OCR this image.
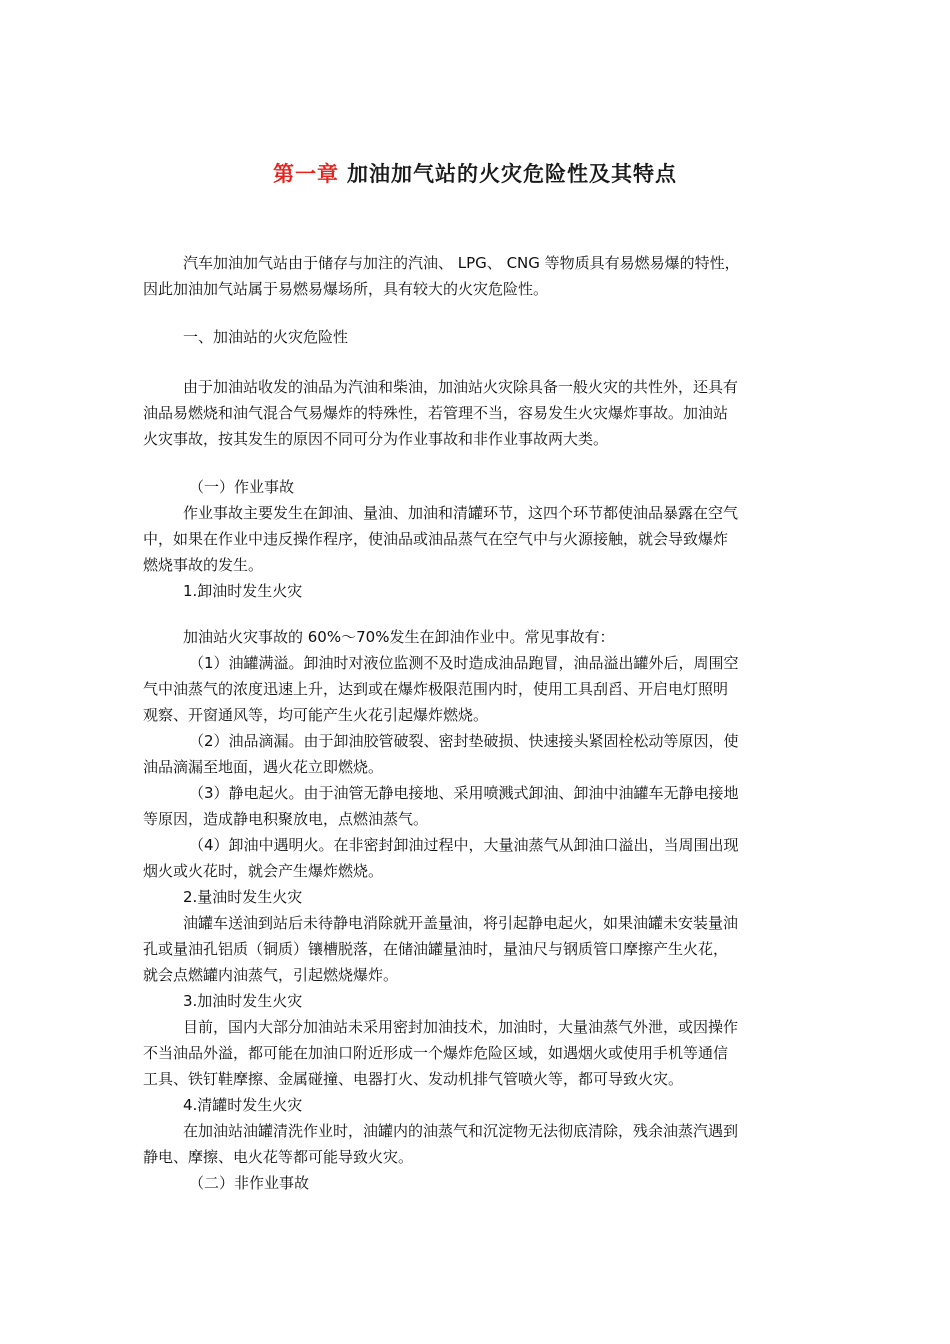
第一章 加油加气站的火灾危险性及其特点

汽车加油加气站由于储存与加注的汽油、 LPG、 CNG 等物质具有易燃易爆的特性，

因此加油加气站属于易燃易爆场所，具有较大的火灾危险性。

一、加油站的火灾危险性

由于加油站收发的油品为汽油和柴油，加油站火灾除具备一般火灾的共性外，还具有

油品易燃烧和油气混合气易爆炸的特殊性，若管理不当，容易发生火灾爆炸事故。加油站

火灾事故，按其发生的原因不同可分为作业事故和非作业事故两大类。

（一）作业事故

作业事故主要发生在卸油、量油、加油和清罐环节，这四个环节都使油品暴露在空气

中，如果在作业中违反操作程序，使油品或油品蒸气在空气中与火源接触，就会导致爆炸

燃烧事故的发生。

1.卸油时发生火灾

加油站火灾事故的 60%～70%发生在卸油作业中。常见事故有：

（1）油罐满溢。卸油时对液位监测不及时造成油品跑冒，油品溢出罐外后，周围空

气中油蒸气的浓度迅速上升，达到或在爆炸极限范围内时，使用工具刮舀、开启电灯照明

观察、开窗通风等，均可能产生火花引起爆炸燃烧。

（2）油品滴漏。由于卸油胶管破裂、密封垫破损、快速接头紧固栓松动等原因，使

油品滴漏至地面，遇火花立即燃烧。

（3）静电起火。由于油管无静电接地、采用喷溅式卸油、卸油中油罐车无静电接地

等原因，造成静电积聚放电，点燃油蒸气。

（4）卸油中遇明火。在非密封卸油过程中，大量油蒸气从卸油口溢出，当周围出现

烟火或火花时，就会产生爆炸燃烧。

2.量油时发生火灾

油罐车送油到站后未待静电消除就开盖量油，将引起静电起火，如果油罐未安装量油

孔或量油孔铝质（铜质）镶槽脱落，在储油罐量油时，量油尺与钢质管口摩擦产生火花，

就会点燃罐内油蒸气，引起燃烧爆炸。

3.加油时发生火灾

目前，国内大部分加油站未采用密封加油技术，加油时，大量油蒸气外泄，或因操作

不当油品外溢，都可能在加油口附近形成一个爆炸危险区域，如遇烟火或使用手机等通信

工具、铁钉鞋摩擦、金属碰撞、电器打火、发动机排气管喷火等，都可导致火灾。

4.清罐时发生火灾

在加油站油罐清洗作业时，油罐内的油蒸气和沉淀物无法彻底清除，残余油蒸汽遇到

静电、摩擦、电火花等都可能导致火灾。

（二）非作业事故
